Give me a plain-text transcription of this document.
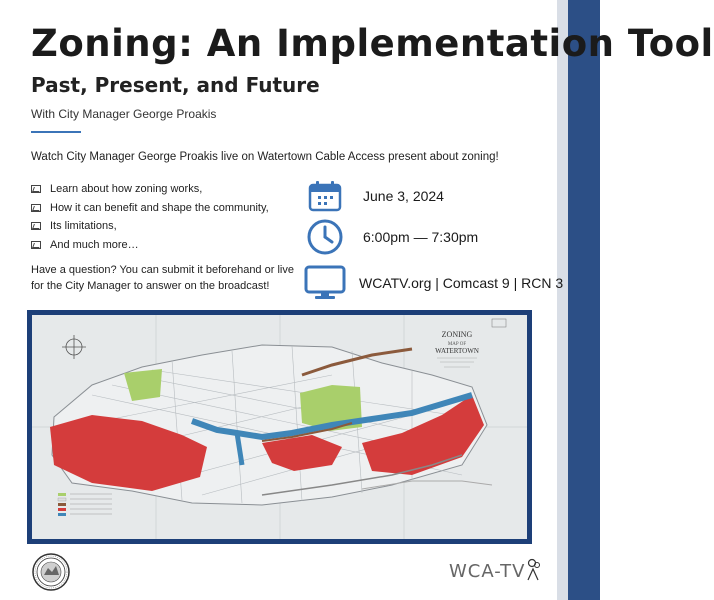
Zoning: An Implementation Tool
Past, Present, and Future
With City Manager George Proakis
Watch City Manager George Proakis live on Watertown Cable Access present about zoning!
Learn about how zoning works,
How it can benefit and shape the community,
Its limitations,
And much more…
Have a question? You can submit it beforehand or live for the City Manager to answer on the broadcast!
June 3, 2024
6:00pm — 7:30pm
WCATV.org | Comcast 9 | RCN 3
ZONING
MAP OF
WATERTOWN
WCA-TV
